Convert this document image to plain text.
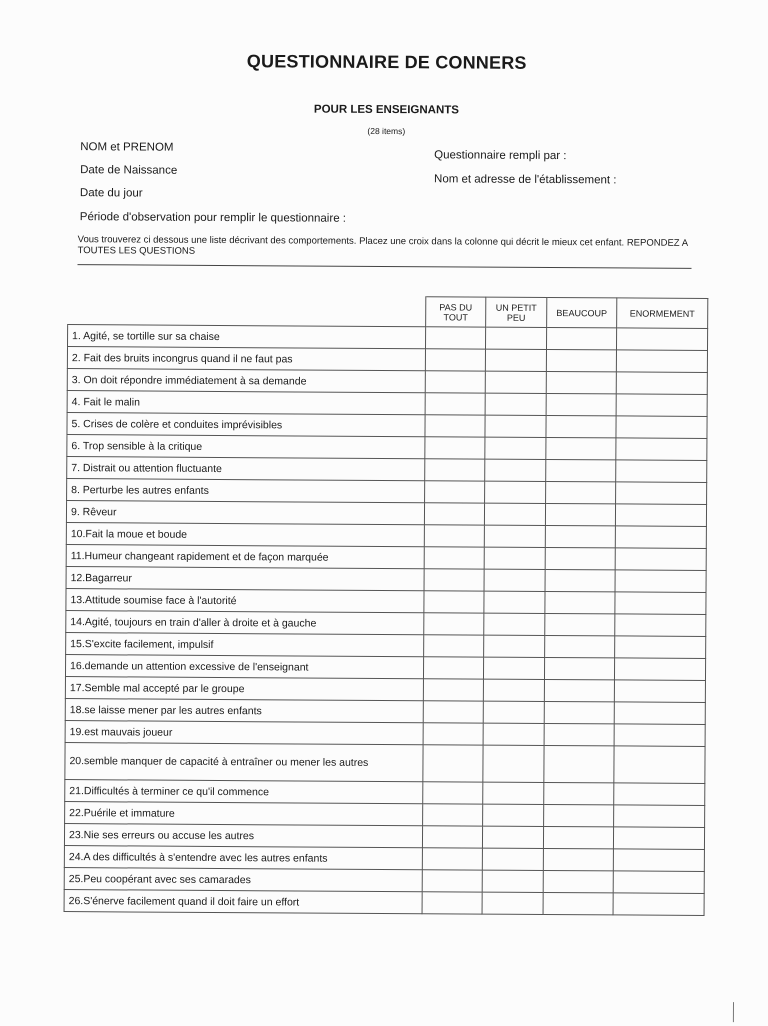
QUESTIONNAIRE DE CONNERS
POUR LES ENSEIGNANTS
(28 items)
NOM et PRENOM
Date de Naissance
Date du jour
Période d'observation pour remplir le questionnaire :
Questionnaire rempli par :
Nom et adresse de l'établissement :
Vous trouverez ci dessous une liste décrivant des comportements. Placez une croix dans la colonne qui décrit le mieux cet enfant. REPONDEZ A TOUTES LES QUESTIONS
	PAS DU TOUT	UN PETIT PEU	BEAUCOUP	ENORMEMENT
1. Agité, se tortille sur sa chaise				
2. Fait des bruits incongrus quand il ne faut pas				
3. On doit répondre immédiatement à sa demande				
4. Fait le malin				
5. Crises de colère et conduites imprévisibles				
6. Trop sensible à la critique				
7. Distrait ou attention fluctuante				
8. Perturbe les autres enfants				
9. Rêveur				
10.Fait la moue et boude				
11.Humeur changeant rapidement et de façon marquée				
12.Bagarreur				
13.Attitude soumise face à l'autorité				
14.Agité, toujours en train d'aller à droite et à gauche				
15.S'excite facilement, impulsif				
16.demande un attention excessive de l'enseignant				
17.Semble mal accepté par le groupe				
18.se laisse mener par les autres enfants				
19.est mauvais joueur				
20.semble manquer de capacité à entraîner ou mener les autres				
21.Difficultés à terminer ce qu'il commence				
22.Puérile et immature				
23.Nie ses erreurs ou accuse les autres				
24.A des difficultés à s'entendre avec les autres enfants				
25.Peu coopérant avec ses camarades				
26.S'énerve facilement quand il doit faire un effort				
